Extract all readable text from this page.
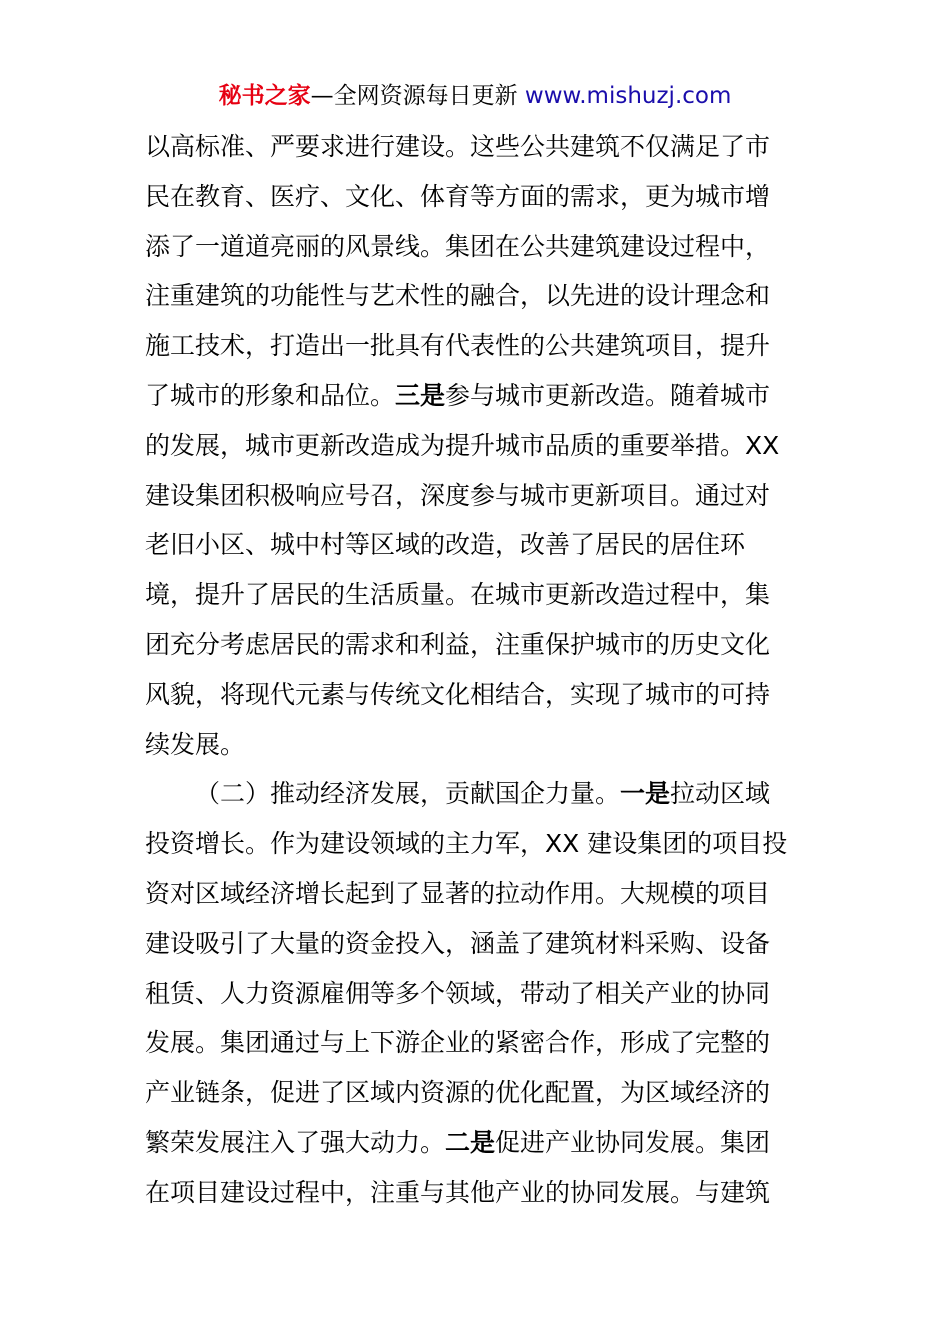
秘书之家—全网资源每日更新 www.mishuzj.com
以高标准、严要求进行建设。这些公共建筑不仅满足了市
民在教育、医疗、文化、体育等方面的需求，更为城市增
添了一道道亮丽的风景线。集团在公共建筑建设过程中，
注重建筑的功能性与艺术性的融合，以先进的设计理念和
施工技术，打造出一批具有代表性的公共建筑项目，提升
了城市的形象和品位。三是参与城市更新改造。随着城市
的发展，城市更新改造成为提升城市品质的重要举措。XX
建设集团积极响应号召，深度参与城市更新项目。通过对
老旧小区、城中村等区域的改造，改善了居民的居住环
境，提升了居民的生活质量。在城市更新改造过程中，集
团充分考虑居民的需求和利益，注重保护城市的历史文化
风貌，将现代元素与传统文化相结合，实现了城市的可持
续发展。
（二）推动经济发展，贡献国企力量。一是拉动区域
投资增长。作为建设领域的主力军，XX 建设集团的项目投
资对区域经济增长起到了显著的拉动作用。大规模的项目
建设吸引了大量的资金投入，涵盖了建筑材料采购、设备
租赁、人力资源雇佣等多个领域，带动了相关产业的协同
发展。集团通过与上下游企业的紧密合作，形成了完整的
产业链条，促进了区域内资源的优化配置，为区域经济的
繁荣发展注入了强大动力。二是促进产业协同发展。集团
在项目建设过程中，注重与其他产业的协同发展。与建筑
